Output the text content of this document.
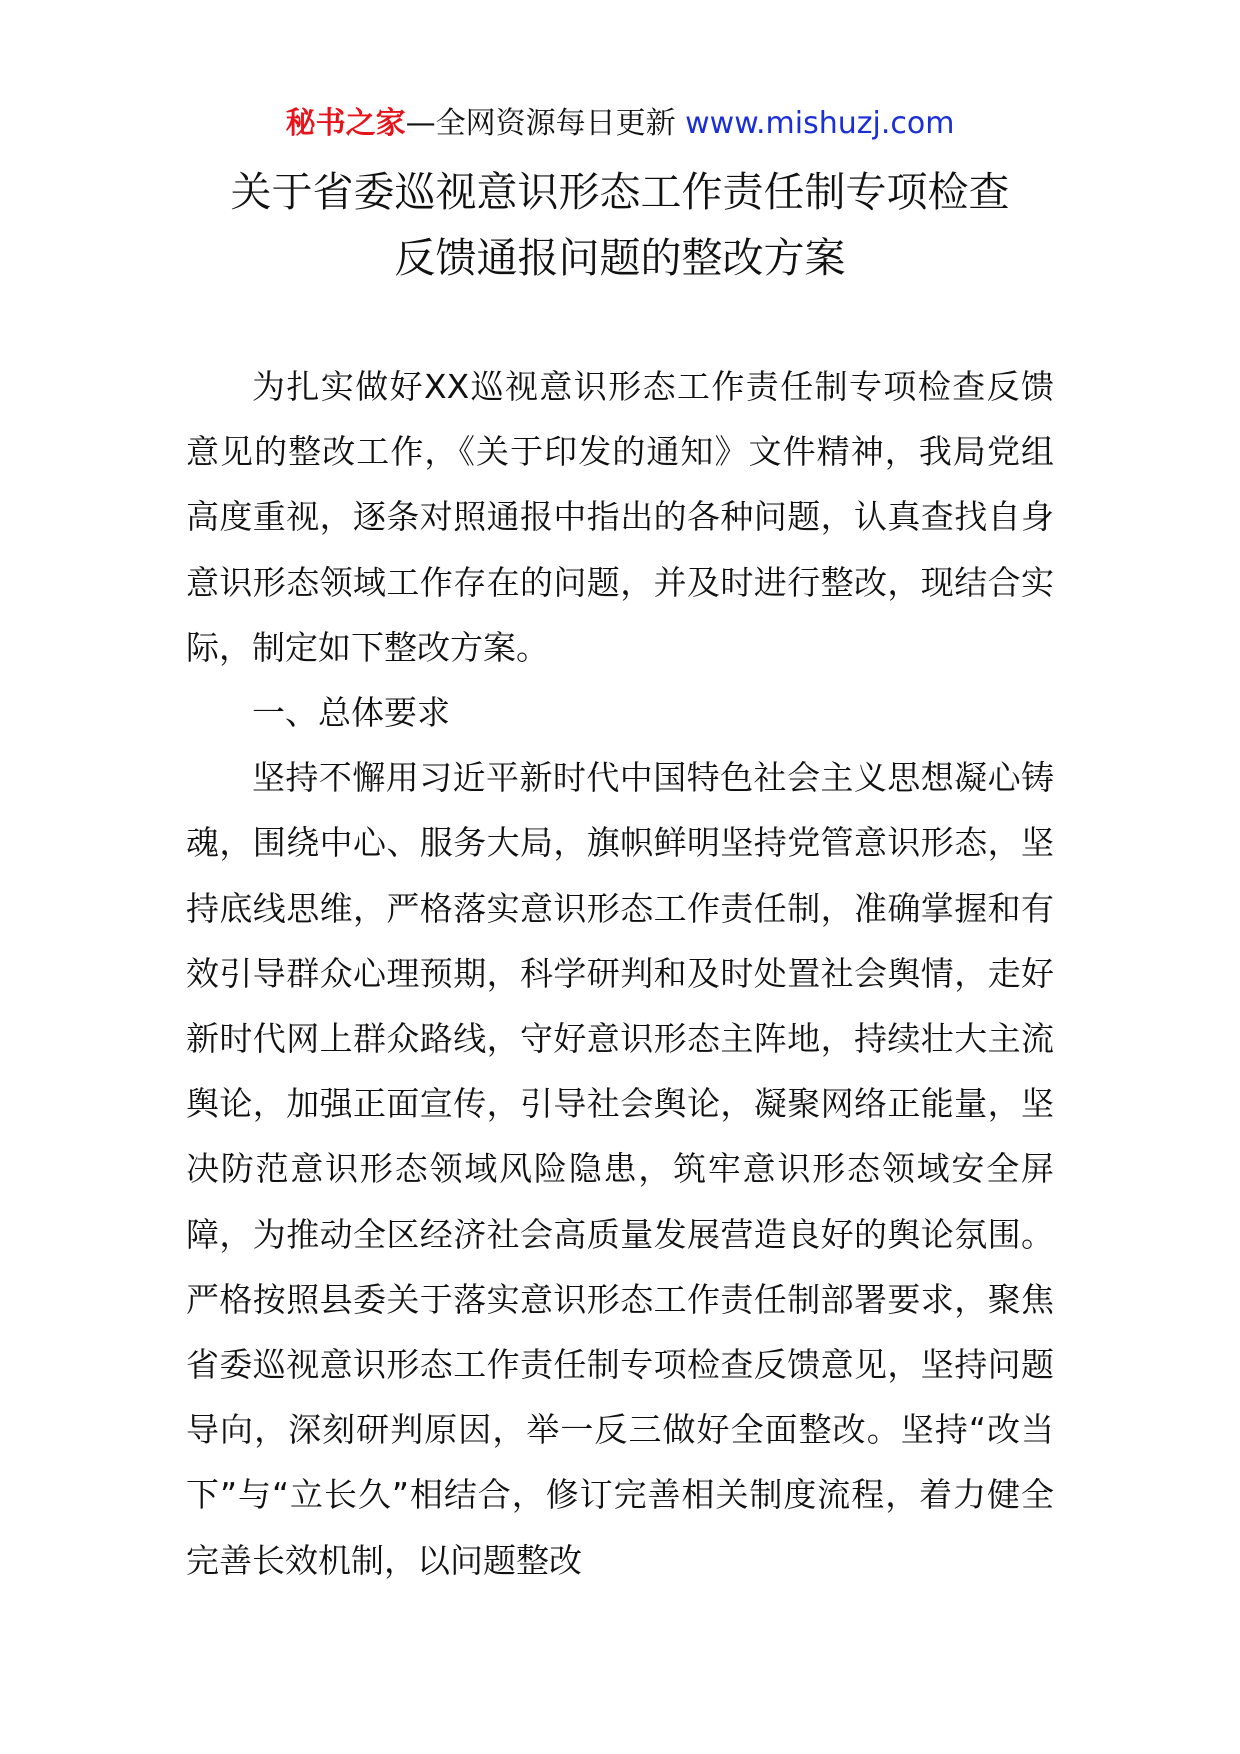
秘书之家—全网资源每日更新 www.mishuzj.com
关于省委巡视意识形态工作责任制专项检查
反馈通报问题的整改方案

为扎实做好XX巡视意识形态工作责任制专项检查反馈意见的整改工作，《关于印发的通知》文件精神，我局党组高度重视，逐条对照通报中指出的各种问题，认真查找自身意识形态领域工作存在的问题，并及时进行整改，现结合实际，制定如下整改方案。

一、总体要求

坚持不懈用习近平新时代中国特色社会主义思想凝心铸魂，围绕中心、服务大局，旗帜鲜明坚持党管意识形态，坚持底线思维，严格落实意识形态工作责任制，准确掌握和有效引导群众心理预期，科学研判和及时处置社会舆情，走好新时代网上群众路线，守好意识形态主阵地，持续壮大主流舆论，加强正面宣传，引导社会舆论，凝聚网络正能量，坚决防范意识形态领域风险隐患，筑牢意识形态领域安全屏障，为推动全区经济社会高质量发展营造良好的舆论氛围。严格按照县委关于落实意识形态工作责任制部署要求，聚焦省委巡视意识形态工作责任制专项检查反馈意见，坚持问题导向，深刻研判原因，举一反三做好全面整改。坚持“改当下”与“立长久”相结合，修订完善相关制度流程，着力健全完善长效机制，以问题整改
